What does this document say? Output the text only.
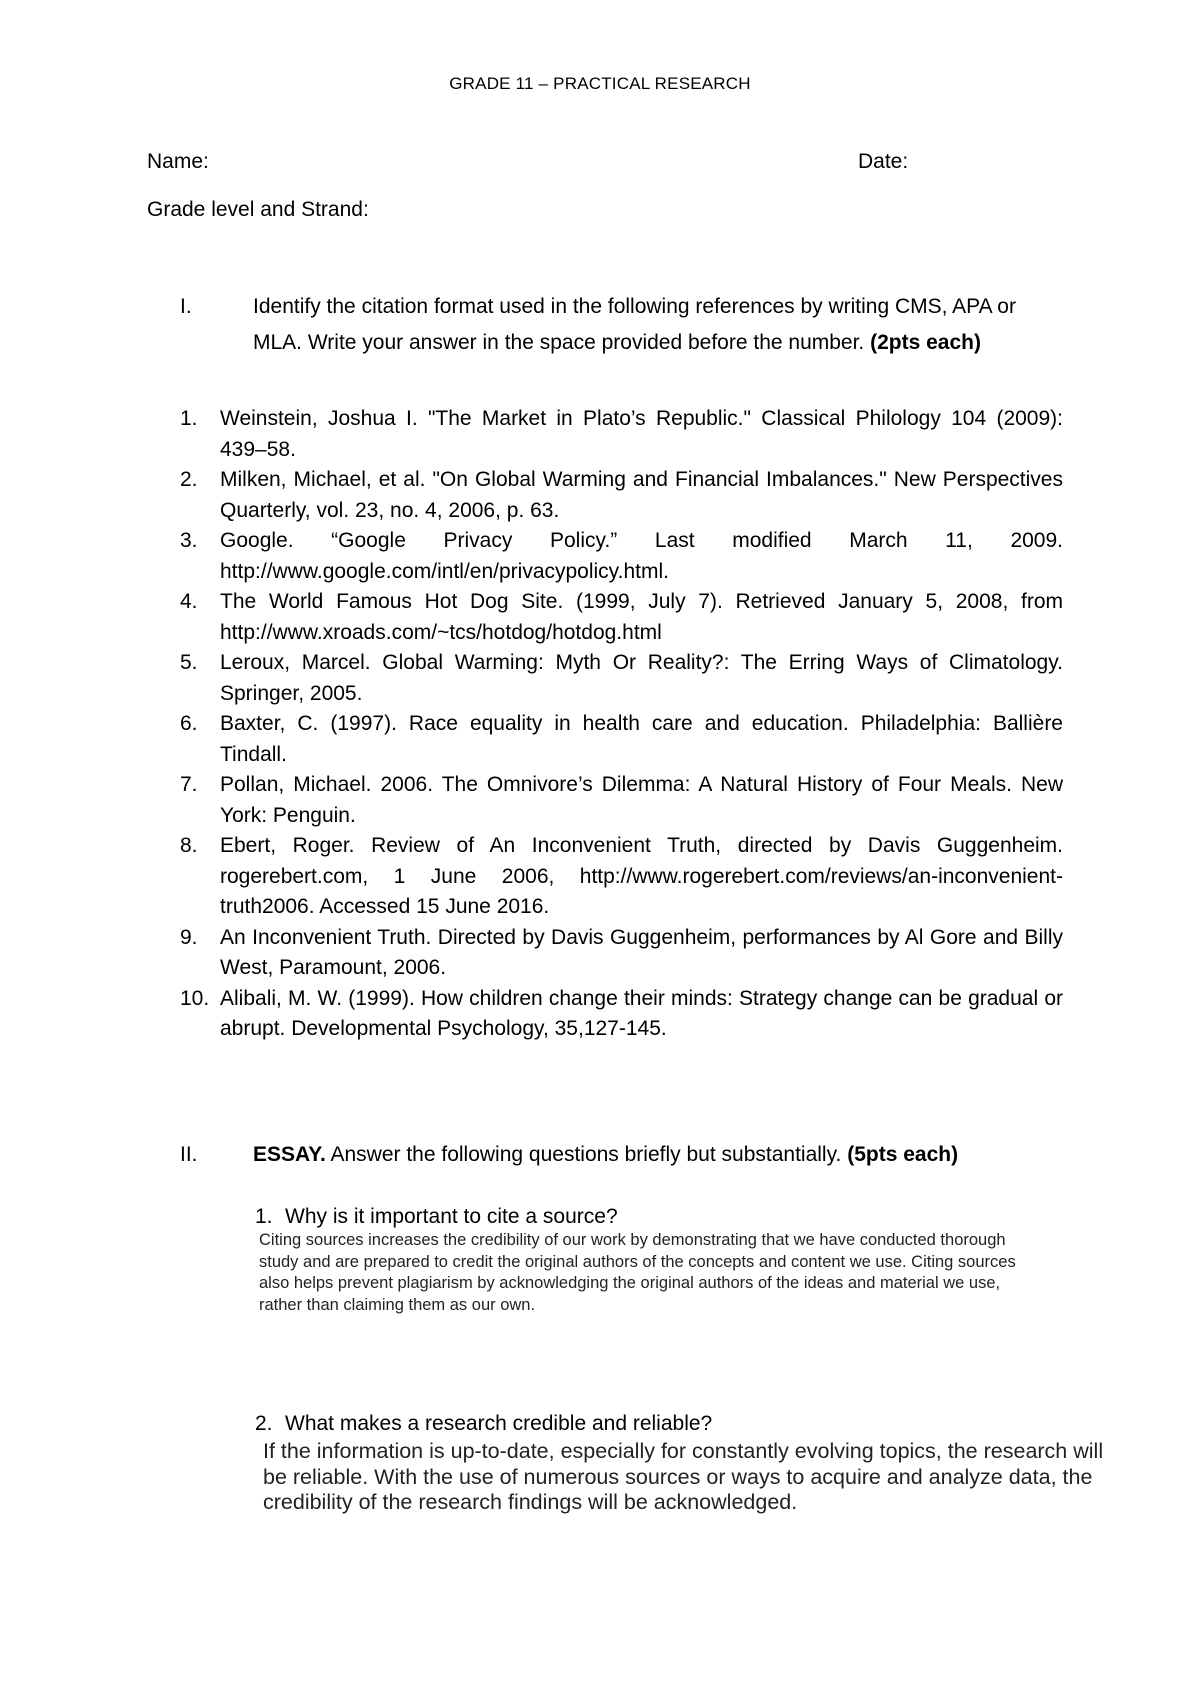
GRADE 11 – PRACTICAL RESEARCH
Name:	Date:
Grade level and Strand:
I.	Identify the citation format used in the following references by writing CMS, APA or MLA. Write your answer in the space provided before the number. (2pts each)
1.	Weinstein, Joshua I. "The Market in Plato’s Republic." Classical Philology 104 (2009): 439–58.
2.	Milken, Michael, et al. "On Global Warming and Financial Imbalances." New Perspectives Quarterly, vol. 23, no. 4, 2006, p. 63.
3.	Google. “Google Privacy Policy.” Last modified March 11, 2009. http://www.google.com/intl/en/privacypolicy.html.
4.	The World Famous Hot Dog Site. (1999, July 7). Retrieved January 5, 2008, from http://www.xroads.com/~tcs/hotdog/hotdog.html
5.	Leroux, Marcel. Global Warming: Myth Or Reality?: The Erring Ways of Climatology. Springer, 2005.
6.	Baxter, C. (1997). Race equality in health care and education. Philadelphia: Ballière Tindall.
7.	Pollan, Michael. 2006. The Omnivore’s Dilemma: A Natural History of Four Meals. New York: Penguin.
8.	Ebert, Roger. Review of An Inconvenient Truth, directed by Davis Guggenheim. rogerebert.com, 1 June 2006, http://www.rogerebert.com/reviews/an-inconvenient-truth2006. Accessed 15 June 2016.
9.	An Inconvenient Truth. Directed by Davis Guggenheim, performances by Al Gore and Billy West, Paramount, 2006.
10. Alibali, M. W. (1999). How children change their minds: Strategy change can be gradual or abrupt. Developmental Psychology, 35,127-145.
II.	ESSAY. Answer the following questions briefly but substantially. (5pts each)
1. Why is it important to cite a source?
Citing sources increases the credibility of our work by demonstrating that we have conducted thorough study and are prepared to credit the original authors of the concepts and content we use. Citing sources also helps prevent plagiarism by acknowledging the original authors of the ideas and material we use, rather than claiming them as our own.
2. What makes a research credible and reliable?
If the information is up-to-date, especially for constantly evolving topics, the research will be reliable. With the use of numerous sources or ways to acquire and analyze data, the credibility of the research findings will be acknowledged.
